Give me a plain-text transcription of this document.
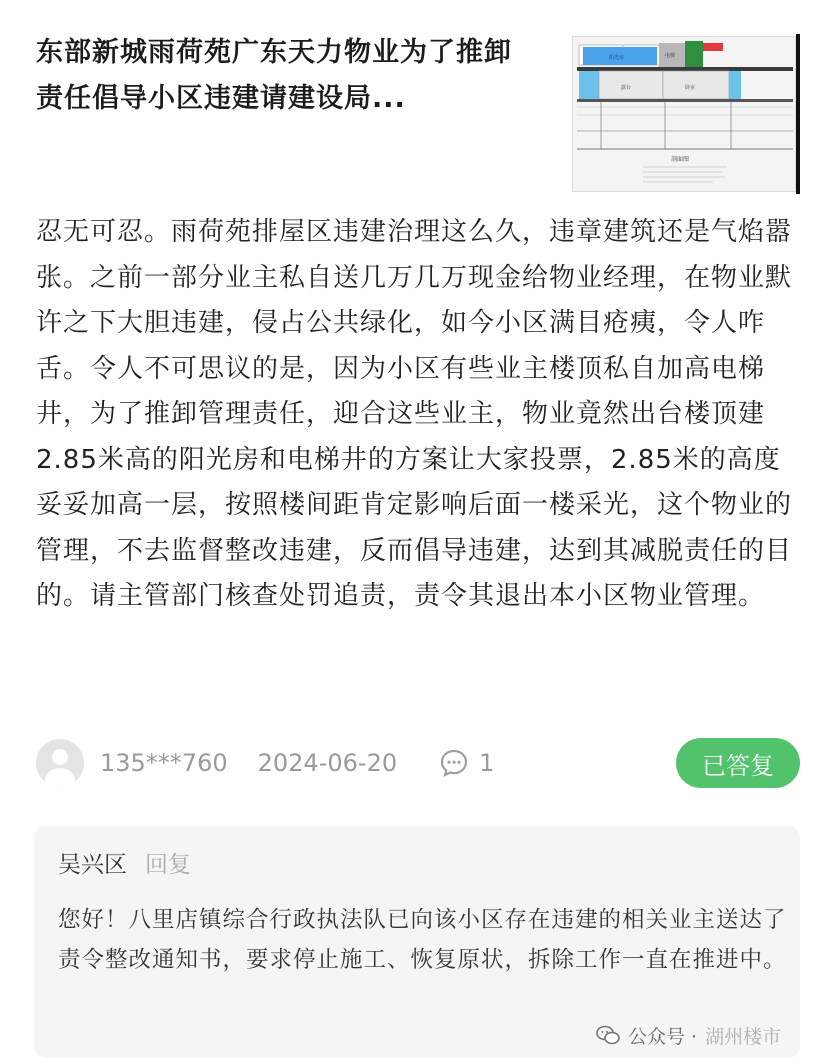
东部新城雨荷苑广东天力物业为了推卸责任倡导小区违建请建设局...
阳光房	电梯
露台	卧室
剖面图
忍无可忍。雨荷苑排屋区违建治理这么久，违章建筑还是气焰嚣张。之前一部分业主私自送几万几万现金给物业经理，在物业默许之下大胆违建，侵占公共绿化，如今小区满目疮痍，令人咋舌。令人不可思议的是，因为小区有些业主楼顶私自加高电梯井，为了推卸管理责任，迎合这些业主，物业竟然出台楼顶建2.85米高的阳光房和电梯井的方案让大家投票，2.85米的高度妥妥加高一层，按照楼间距肯定影响后面一楼采光，这个物业的管理，不去监督整改违建，反而倡导违建，达到其减脱责任的目的。请主管部门核查处罚追责，责令其退出本小区物业管理。
135***760 2024-06-20	1	已答复
吴兴区 回复
您好！八里店镇综合行政执法队已向该小区存在违建的相关业主送达了责令整改通知书，要求停止施工、恢复原状，拆除工作一直在推进中。
公众号 · 湖州楼市
